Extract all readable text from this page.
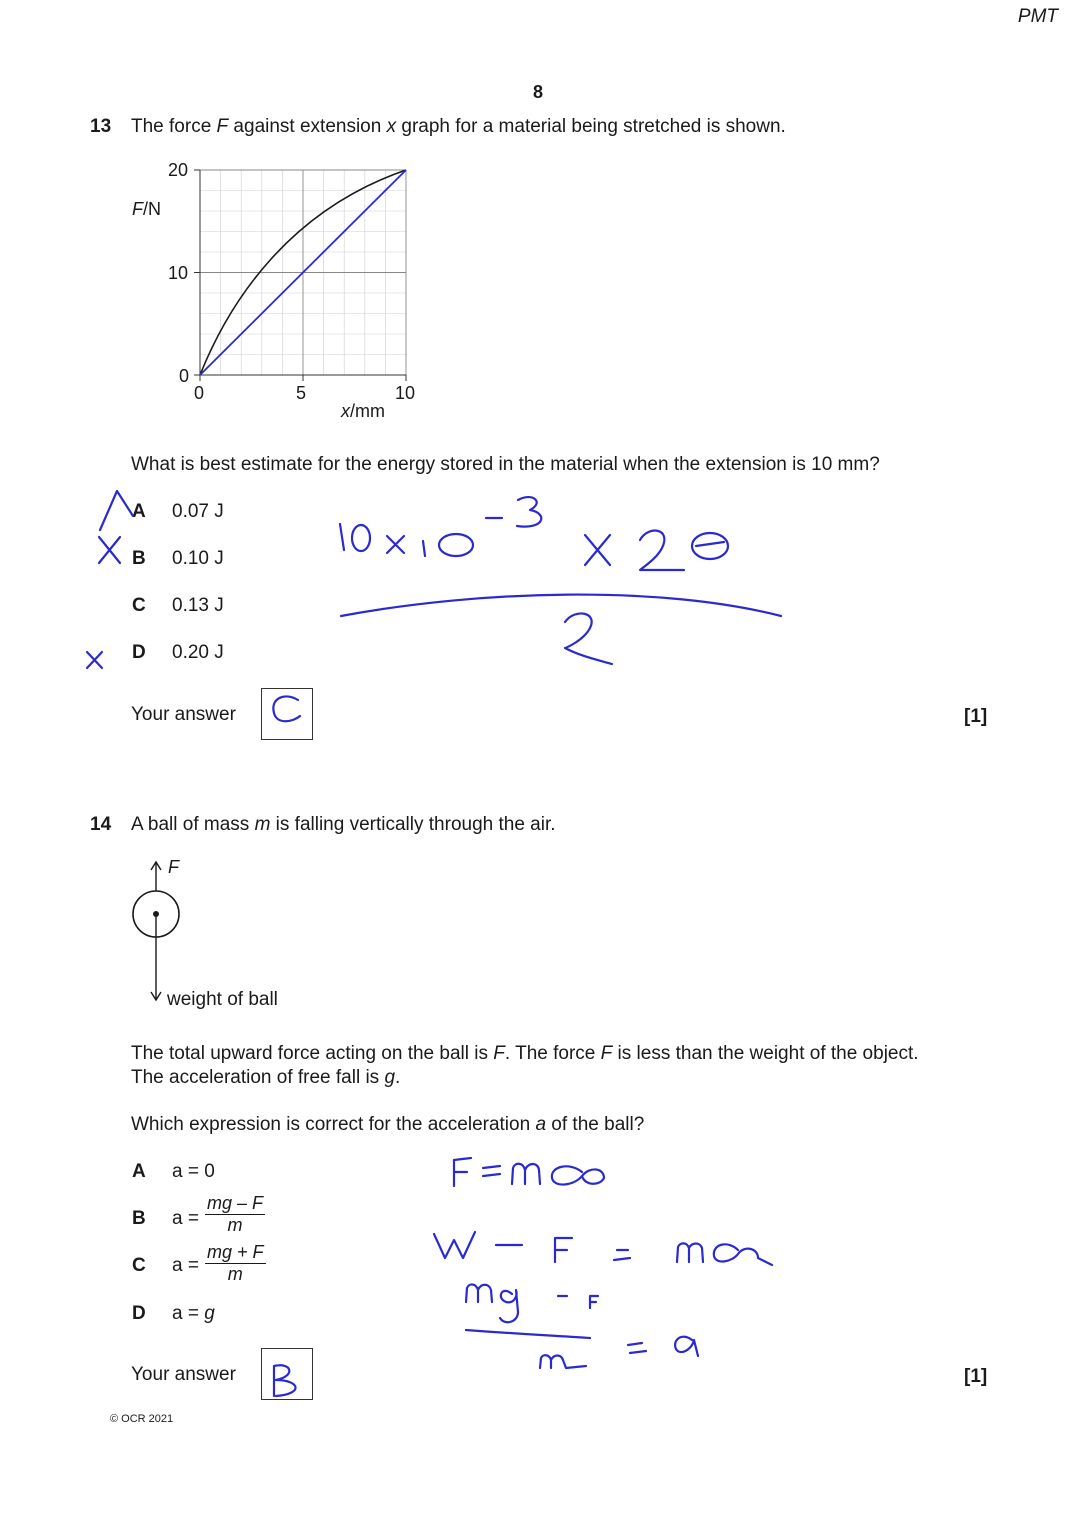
PMT
8
13 The force F against extension x graph for a material being stretched is shown.
20
10
0
0	5	10
F/N
x/mm
What is best estimate for the energy stored in the material when the extension is 10 mm?
A 0.07 J
B 0.10 J
C 0.13 J
D 0.20 J
Your answer	[1]
14 A ball of mass m is falling vertically through the air.
F
weight of ball
The total upward force acting on the ball is F. The force F is less than the weight of the object.
The acceleration of free fall is g.
Which expression is correct for the acceleration a of the ball?
A a = 0
B $a = \frac{mg - F}{m}$
C $a = \frac{mg + F}{m}$
D a = g
Your answer	[1]
© OCR 2021
